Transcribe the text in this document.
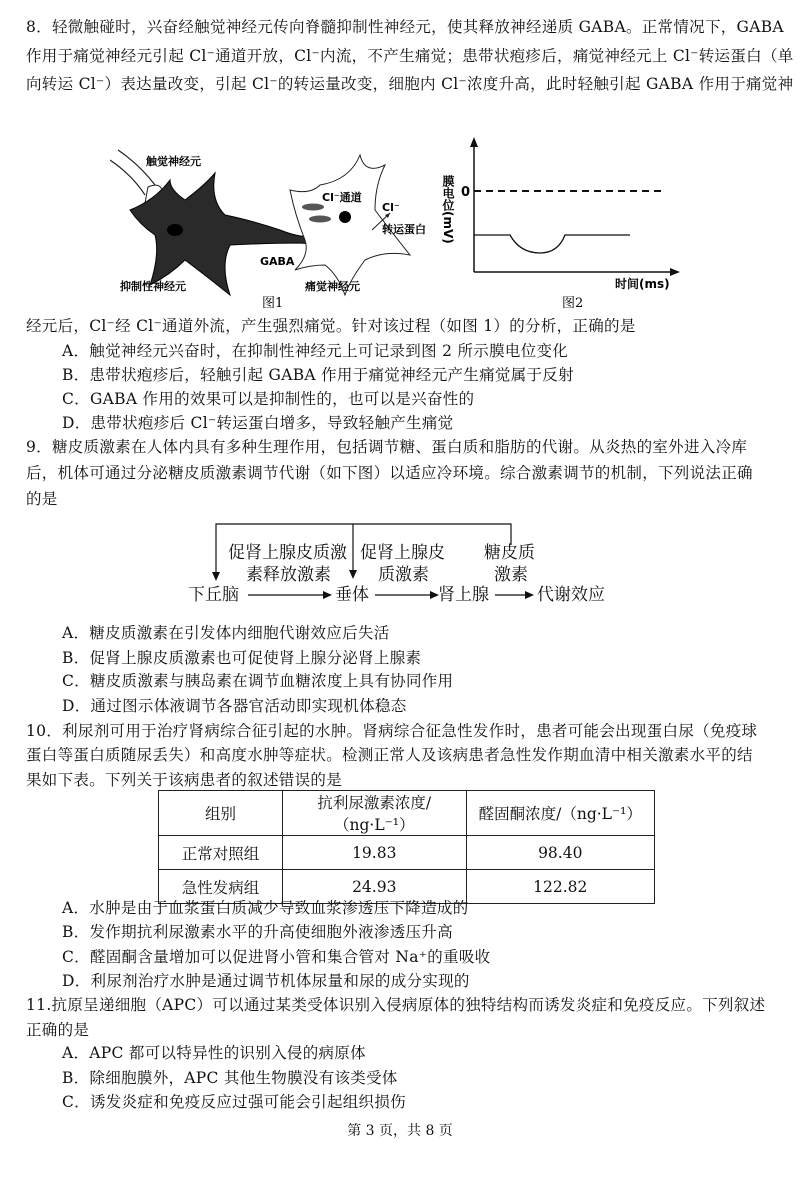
8．轻微触碰时，兴奋经触觉神经元传向脊髓抑制性神经元，使其释放神经递质 GABA。正常情况下，GABA
作用于痛觉神经元引起 Cl⁻通道开放，Cl⁻内流，不产生痛觉；患带状疱疹后，痛觉神经元上 Cl⁻转运蛋白（单
向转运 Cl⁻）表达量改变，引起 Cl⁻的转运量改变，细胞内 Cl⁻浓度升高，此时轻触引起 GABA 作用于痛觉神
触觉神经元
抑制性神经元
GABA
Cl⁻通道
Cl⁻
转运蛋白
痛觉神经元
图1
膜电位(mV) 0
时间(ms)
图2
经元后，Cl⁻经 Cl⁻通道外流，产生强烈痛觉。针对该过程（如图 1）的分析，正确的是
A．触觉神经元兴奋时，在抑制性神经元上可记录到图 2 所示膜电位变化
B．患带状疱疹后，轻触引起 GABA 作用于痛觉神经元产生痛觉属于反射
C．GABA 作用的效果可以是抑制性的，也可以是兴奋性的
D．患带状疱疹后 Cl⁻转运蛋白增多，导致轻触产生痛觉
9．糖皮质激素在人体内具有多种生理作用，包括调节糖、蛋白质和脂肪的代谢。从炎热的室外进入冷库
后，机体可通过分泌糖皮质激素调节代谢（如下图）以适应冷环境。综合激素调节的机制，下列说法正确
的是
下丘脑	垂体	肾上腺	代谢效应
促肾上腺皮质激
素释放激素
促肾上腺皮
质激素
糖皮质
激素
A．糖皮质激素在引发体内细胞代谢效应后失活
B．促肾上腺皮质激素也可促使肾上腺分泌肾上腺素
C．糖皮质激素与胰岛素在调节血糖浓度上具有协同作用
D．通过图示体液调节各器官活动即实现机体稳态
10．利尿剂可用于治疗肾病综合征引起的水肿。肾病综合征急性发作时，患者可能会出现蛋白尿（免疫球
蛋白等蛋白质随尿丢失）和高度水肿等症状。检测正常人及该病患者急性发作期血清中相关激素水平的结
果如下表。下列关于该病患者的叙述错误的是
组别	抗利尿激素浓度/（ng·L⁻¹）	醛固酮浓度/（ng·L⁻¹）
正常对照组	19.83	98.40
急性发病组	24.93	122.82
A．水肿是由于血浆蛋白质减少导致血浆渗透压下降造成的
B．发作期抗利尿激素水平的升高使细胞外液渗透压升高
C．醛固酮含量增加可以促进肾小管和集合管对 Na⁺的重吸收
D．利尿剂治疗水肿是通过调节机体尿量和尿的成分实现的
11.抗原呈递细胞（APC）可以通过某类受体识别入侵病原体的独特结构而诱发炎症和免疫反应。下列叙述
正确的是
A．APC 都可以特异性的识别入侵的病原体
B．除细胞膜外，APC 其他生物膜没有该类受体
C．诱发炎症和免疫反应过强可能会引起组织损伤
第 3 页，共 8 页
